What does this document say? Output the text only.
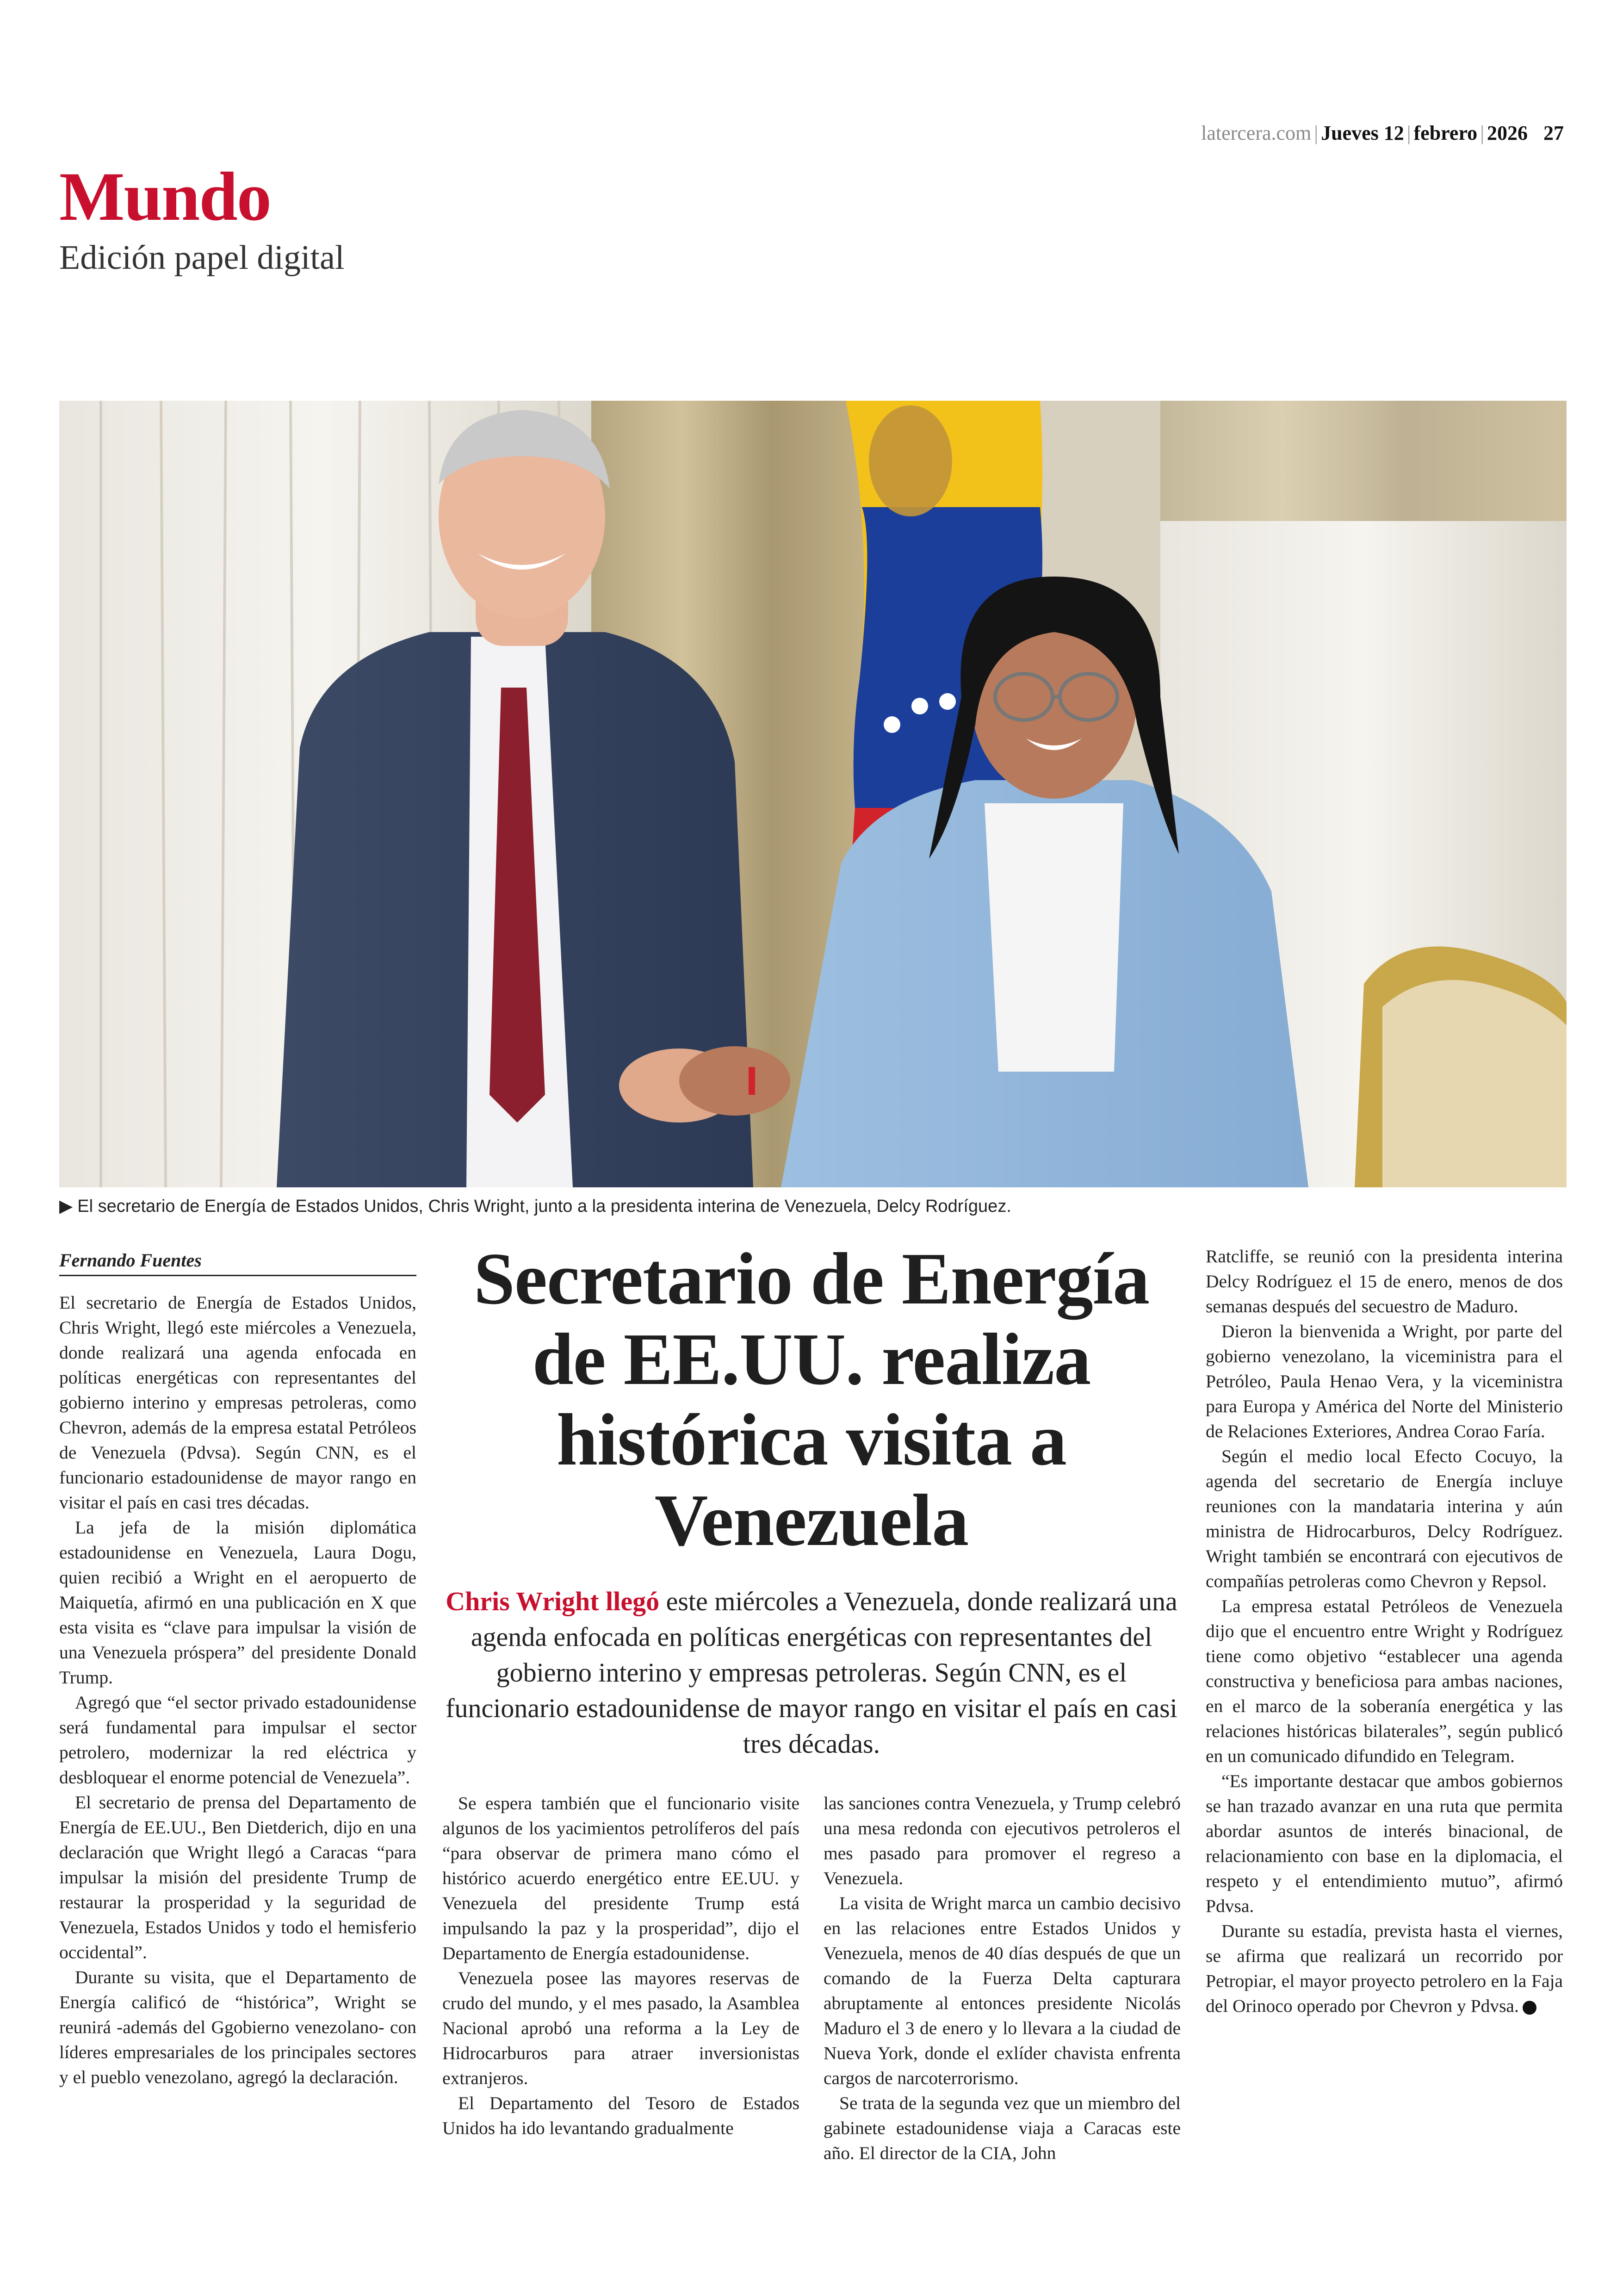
latercera.com | Jueves 12 | febrero | 2026 27
Mundo
Edición papel digital
▶ El secretario de Energía de Estados Unidos, Chris Wright, junto a la presidenta interina de Venezuela, Delcy Rodríguez.
Fernando Fuentes

El secretario de Energía de Estados Unidos, Chris Wright, llegó este miércoles a Venezuela, donde realizará una agenda enfocada en políticas energéticas con representantes del gobierno interino y empresas petroleras, como Chevron, además de la empresa estatal Petróleos de Venezuela (Pdvsa). Según CNN, es el funcionario estadounidense de mayor rango en visitar el país en casi tres décadas.

La jefa de la misión diplomática estadounidense en Venezuela, Laura Dogu, quien recibió a Wright en el aeropuerto de Maiquetía, afirmó en una publicación en X que esta visita es “clave para impulsar la visión de una Venezuela próspera” del presidente Donald Trump.

Agregó que “el sector privado estadounidense será fundamental para impulsar el sector petrolero, modernizar la red eléctrica y desbloquear el enorme potencial de Venezuela”.

El secretario de prensa del Departamento de Energía de EE.UU., Ben Dietderich, dijo en una declaración que Wright llegó a Caracas “para impulsar la misión del presidente Trump de restaurar la prosperidad y la seguridad de Venezuela, Estados Unidos y todo el hemisferio occidental”.

Durante su visita, que el Departamento de Energía calificó de “histórica”, Wright se reunirá -además del Ggobierno venezolano- con líderes empresariales de los principales sectores y el pueblo venezolano, agregó la declaración.

Secretario de Energía de EE.UU. realiza histórica visita a Venezuela
Chris Wright llegó este miércoles a Venezuela, donde realizará una agenda enfocada en políticas energéticas con representantes del gobierno interino y empresas petroleras. Según CNN, es el funcionario estadounidense de mayor rango en visitar el país en casi tres décadas.

Se espera también que el funcionario visite algunos de los yacimientos petrolíferos del país “para observar de primera mano cómo el histórico acuerdo energético entre EE.UU. y Venezuela del presidente Trump está impulsando la paz y la prosperidad”, dijo el Departamento de Energía estadounidense.

Venezuela posee las mayores reservas de crudo del mundo, y el mes pasado, la Asamblea Nacional aprobó una reforma a la Ley de Hidrocarburos para atraer inversionistas extranjeros.

El Departamento del Tesoro de Estados Unidos ha ido levantando gradualmente

las sanciones contra Venezuela, y Trump celebró una mesa redonda con ejecutivos petroleros el mes pasado para promover el regreso a Venezuela.

La visita de Wright marca un cambio decisivo en las relaciones entre Estados Unidos y Venezuela, menos de 40 días después de que un comando de la Fuerza Delta capturara abruptamente al entonces presidente Nicolás Maduro el 3 de enero y lo llevara a la ciudad de Nueva York, donde el exlíder chavista enfrenta cargos de narcoterrorismo.

Se trata de la segunda vez que un miembro del gabinete estadounidense viaja a Caracas este año. El director de la CIA, John

Ratcliffe, se reunió con la presidenta interina Delcy Rodríguez el 15 de enero, menos de dos semanas después del secuestro de Maduro.

Dieron la bienvenida a Wright, por parte del gobierno venezolano, la viceministra para el Petróleo, Paula Henao Vera, y la viceministra para Europa y América del Norte del Ministerio de Relaciones Exteriores, Andrea Corao Faría.

Según el medio local Efecto Cocuyo, la agenda del secretario de Energía incluye reuniones con la mandataria interina y aún ministra de Hidrocarburos, Delcy Rodríguez. Wright también se encontrará con ejecutivos de compañías petroleras como Chevron y Repsol.

La empresa estatal Petróleos de Venezuela dijo que el encuentro entre Wright y Rodríguez tiene como objetivo “establecer una agenda constructiva y beneficiosa para ambas naciones, en el marco de la soberanía energética y las relaciones históricas bilaterales”, según publicó en un comunicado difundido en Telegram.

“Es importante destacar que ambos gobiernos se han trazado avanzar en una ruta que permita abordar asuntos de interés binacional, de relacionamiento con base en la diplomacia, el respeto y el entendimiento mutuo”, afirmó Pdvsa.

Durante su estadía, prevista hasta el viernes, se afirma que realizará un recorrido por Petropiar, el mayor proyecto petrolero en la Faja del Orinoco operado por Chevron y Pdvsa.
